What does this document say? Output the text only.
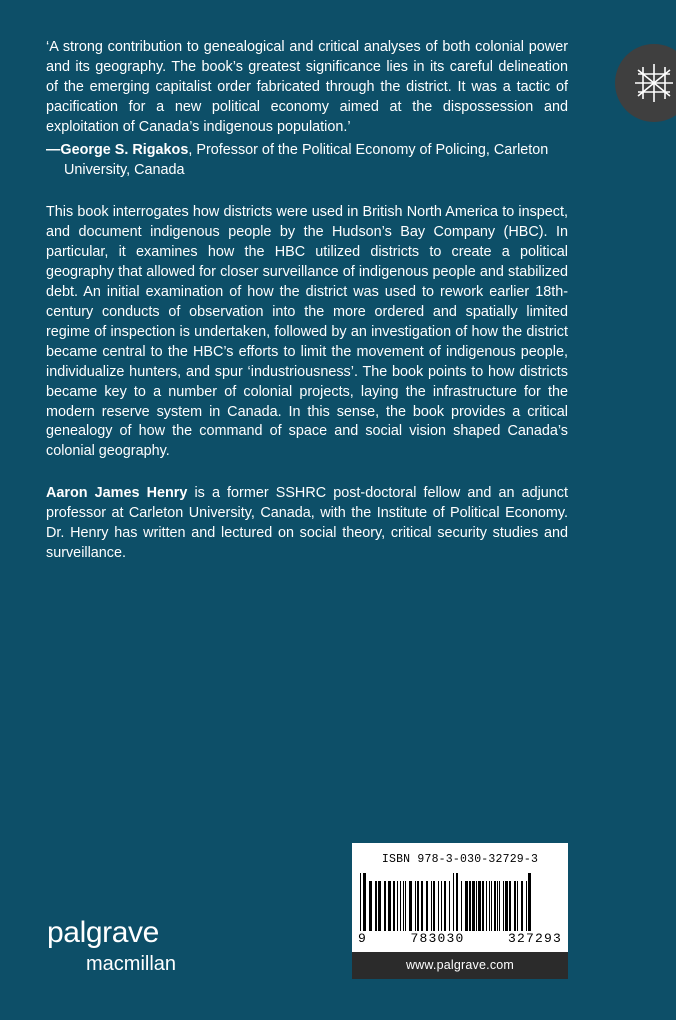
‘A strong contribution to genealogical and critical analyses of both colonial power and its geography. The book’s greatest significance lies in its careful delineation of the emerging capitalist order fabricated through the district. It was a tactic of pacification for a new political economy aimed at the dispossession and exploitation of Canada’s indigenous population.’

—George S. Rigakos, Professor of the Political Economy of Policing, Carleton
University, Canada

This book interrogates how districts were used in British North America to inspect, and document indigenous people by the Hudson’s Bay Company (HBC). In particular, it examines how the HBC utilized districts to create a political geography that allowed for closer surveillance of indigenous people and stabilized debt. An initial examination of how the district was used to rework earlier 18th-century conducts of observation into the more ordered and spatially limited regime of inspection is undertaken, followed by an investigation of how the district became central to the HBC’s efforts to limit the movement of indigenous people, individualize hunters, and spur ‘industriousness’. The book points to how districts became key to a number of colonial projects, laying the infrastructure for the modern reserve system in Canada. In this sense, the book provides a critical genealogy of how the command of space and social vision shaped Canada’s colonial geography.

Aaron James Henry is a former SSHRC post-doctoral fellow and an adjunct professor at Carleton University, Canada, with the Institute of Political Economy. Dr. Henry has written and lectured on social theory, critical security studies and surveillance.

palgrave
macmillan
ISBN 978-3-030-32729-3
9	783030	327293
www.palgrave.com
